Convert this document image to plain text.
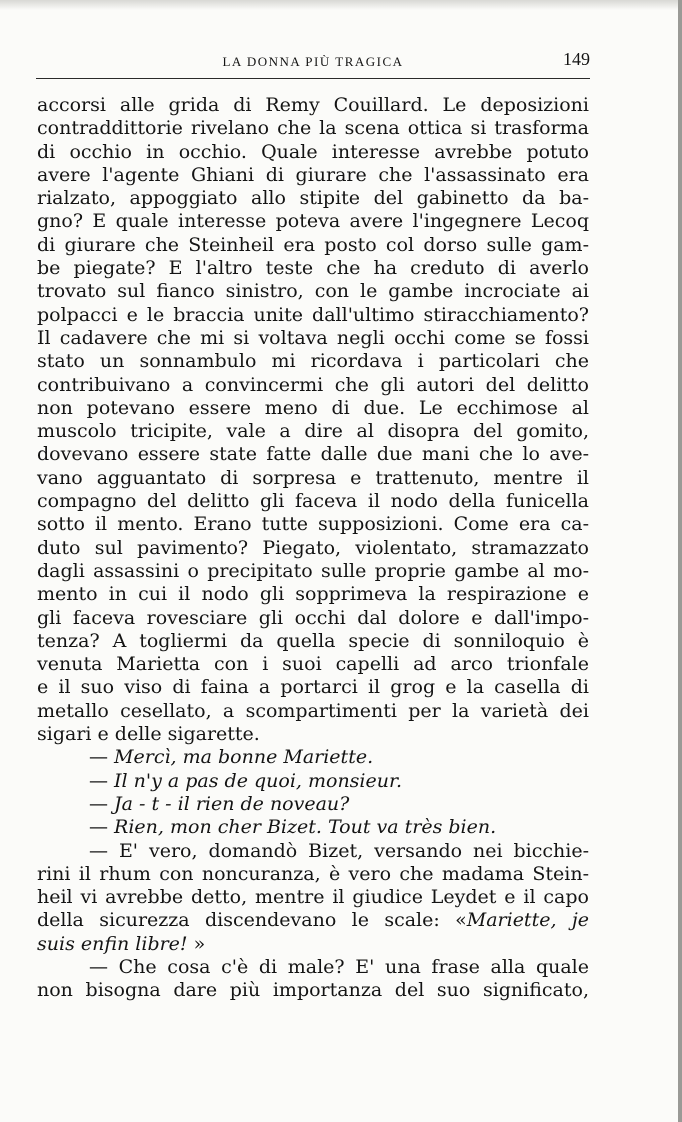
LA DONNA PIÙ TRAGICA	149
accorsi alle grida di Remy Couillard. Le deposizioni
contraddittorie rivelano che la scena ottica si trasforma
di occhio in occhio. Quale interesse avrebbe potuto
avere l'agente Ghiani di giurare che l'assassinato era
rialzato, appoggiato allo stipite del gabinetto da ba-
gno? E quale interesse poteva avere l'ingegnere Lecoq
di giurare che Steinheil era posto col dorso sulle gam-
be piegate? E l'altro teste che ha creduto di averlo
trovato sul fianco sinistro, con le gambe incrociate ai
polpacci e le braccia unite dall'ultimo stiracchiamento?
Il cadavere che mi si voltava negli occhi come se fossi
stato un sonnambulo mi ricordava i particolari che
contribuivano a convincermi che gli autori del delitto
non potevano essere meno di due. Le ecchimose al
muscolo tricipite, vale a dire al disopra del gomito,
dovevano essere state fatte dalle due mani che lo ave-
vano agguantato di sorpresa e trattenuto, mentre il
compagno del delitto gli faceva il nodo della funicella
sotto il mento. Erano tutte supposizioni. Come era ca-
duto sul pavimento? Piegato, violentato, stramazzato
dagli assassini o precipitato sulle proprie gambe al mo-
mento in cui il nodo gli sopprimeva la respirazione e
gli faceva rovesciare gli occhi dal dolore e dall'impo-
tenza? A togliermi da quella specie di sonniloquio è
venuta Marietta con i suoi capelli ad arco trionfale
e il suo viso di faina a portarci il grog e la casella di
metallo cesellato, a scompartimenti per la varietà dei
sigari e delle sigarette.
— Mercì, ma bonne Mariette.
— Il n'y a pas de quoi, monsieur.
— Ja - t - il rien de noveau?
— Rien, mon cher Bizet. Tout va très bien.
— E' vero, domandò Bizet, versando nei bicchie-
rini il rhum con noncuranza, è vero che madama Stein-
heil vi avrebbe detto, mentre il giudice Leydet e il capo
della sicurezza discendevano le scale: «Mariette, je
suis enfin libre! »
— Che cosa c'è di male? E' una frase alla quale
non bisogna dare più importanza del suo significato,
